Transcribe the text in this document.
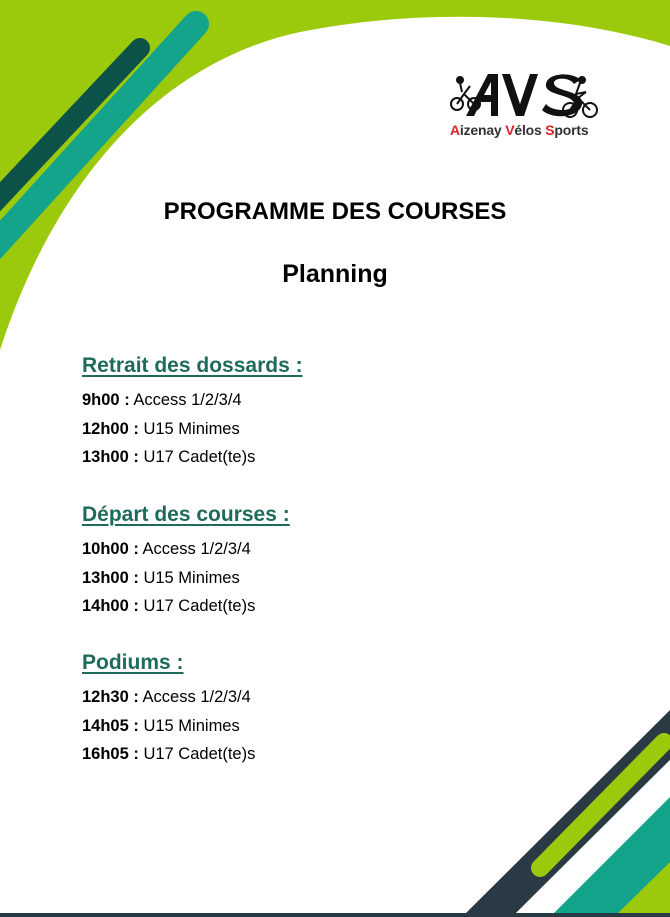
Aizenay Vélos Sports
PROGRAMME DES COURSES
Planning
Retrait des dossards :
9h00 : Access 1/2/3/4
12h00 : U15 Minimes
13h00 : U17 Cadet(te)s
Départ des courses :
10h00 : Access 1/2/3/4
13h00 : U15 Minimes
14h00 : U17 Cadet(te)s
Podiums :
12h30 : Access 1/2/3/4
14h05 : U15 Minimes
16h05 : U17 Cadet(te)s
